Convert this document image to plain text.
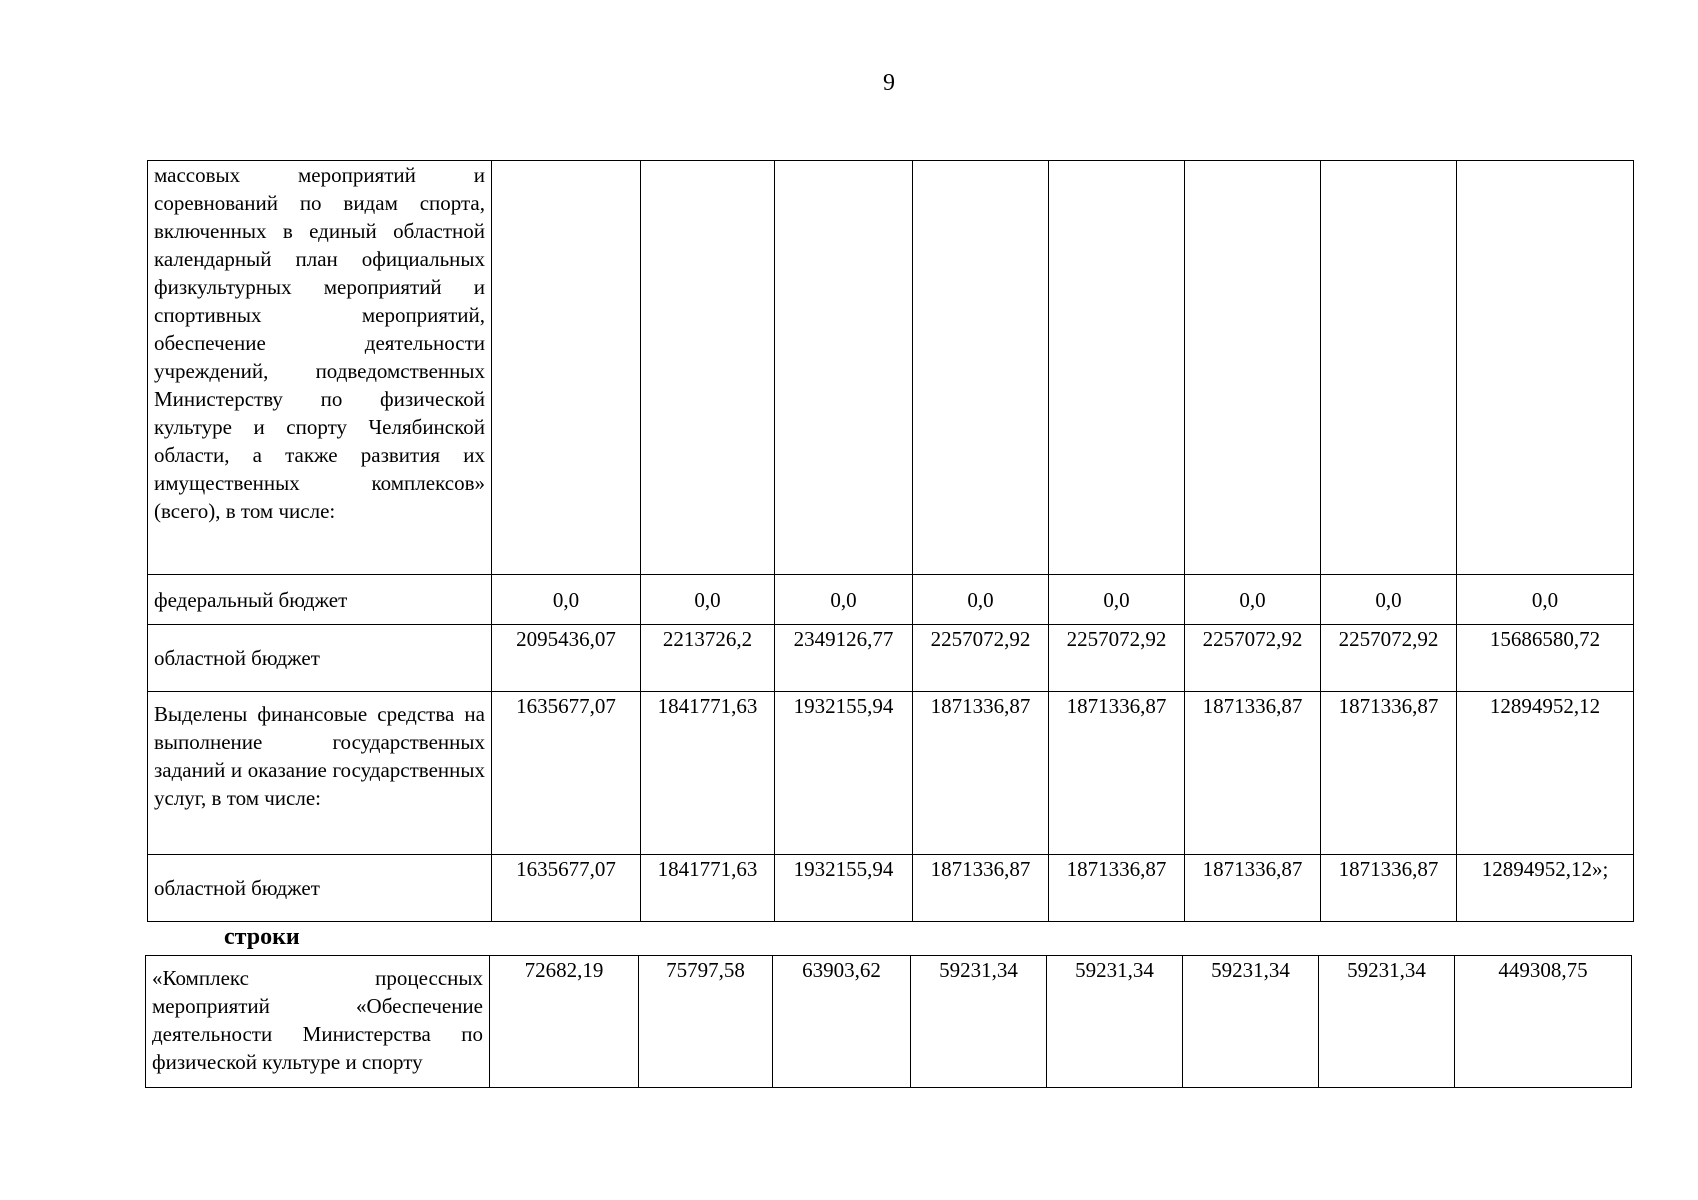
9
массовых мероприятий и соревнований по видам спорта, включенных в единый областной календарный план официальных физкультурных мероприятий и спортивных мероприятий, обеспечение деятельности учреждений, подведомственных Министерству по физической культуре и спорту Челябинской области, а также развития их имущественных комплексов» (всего), в том числе:								
федеральный бюджет	0,0	0,0	0,0	0,0	0,0	0,0	0,0	0,0
областной бюджет	2095436,07	2213726,2	2349126,77	2257072,92	2257072,92	2257072,92	2257072,92	15686580,72
Выделены финансовые средства на выполнение государственных заданий и оказание государственных услуг, в том числе:	1635677,07	1841771,63	1932155,94	1871336,87	1871336,87	1871336,87	1871336,87	12894952,12
областной бюджет	1635677,07	1841771,63	1932155,94	1871336,87	1871336,87	1871336,87	1871336,87	12894952,12»;
строки
«Комплекс процессных мероприятий «Обеспечение деятельности Министерства по физической культуре и спорту	72682,19	75797,58	63903,62	59231,34	59231,34	59231,34	59231,34	449308,75
